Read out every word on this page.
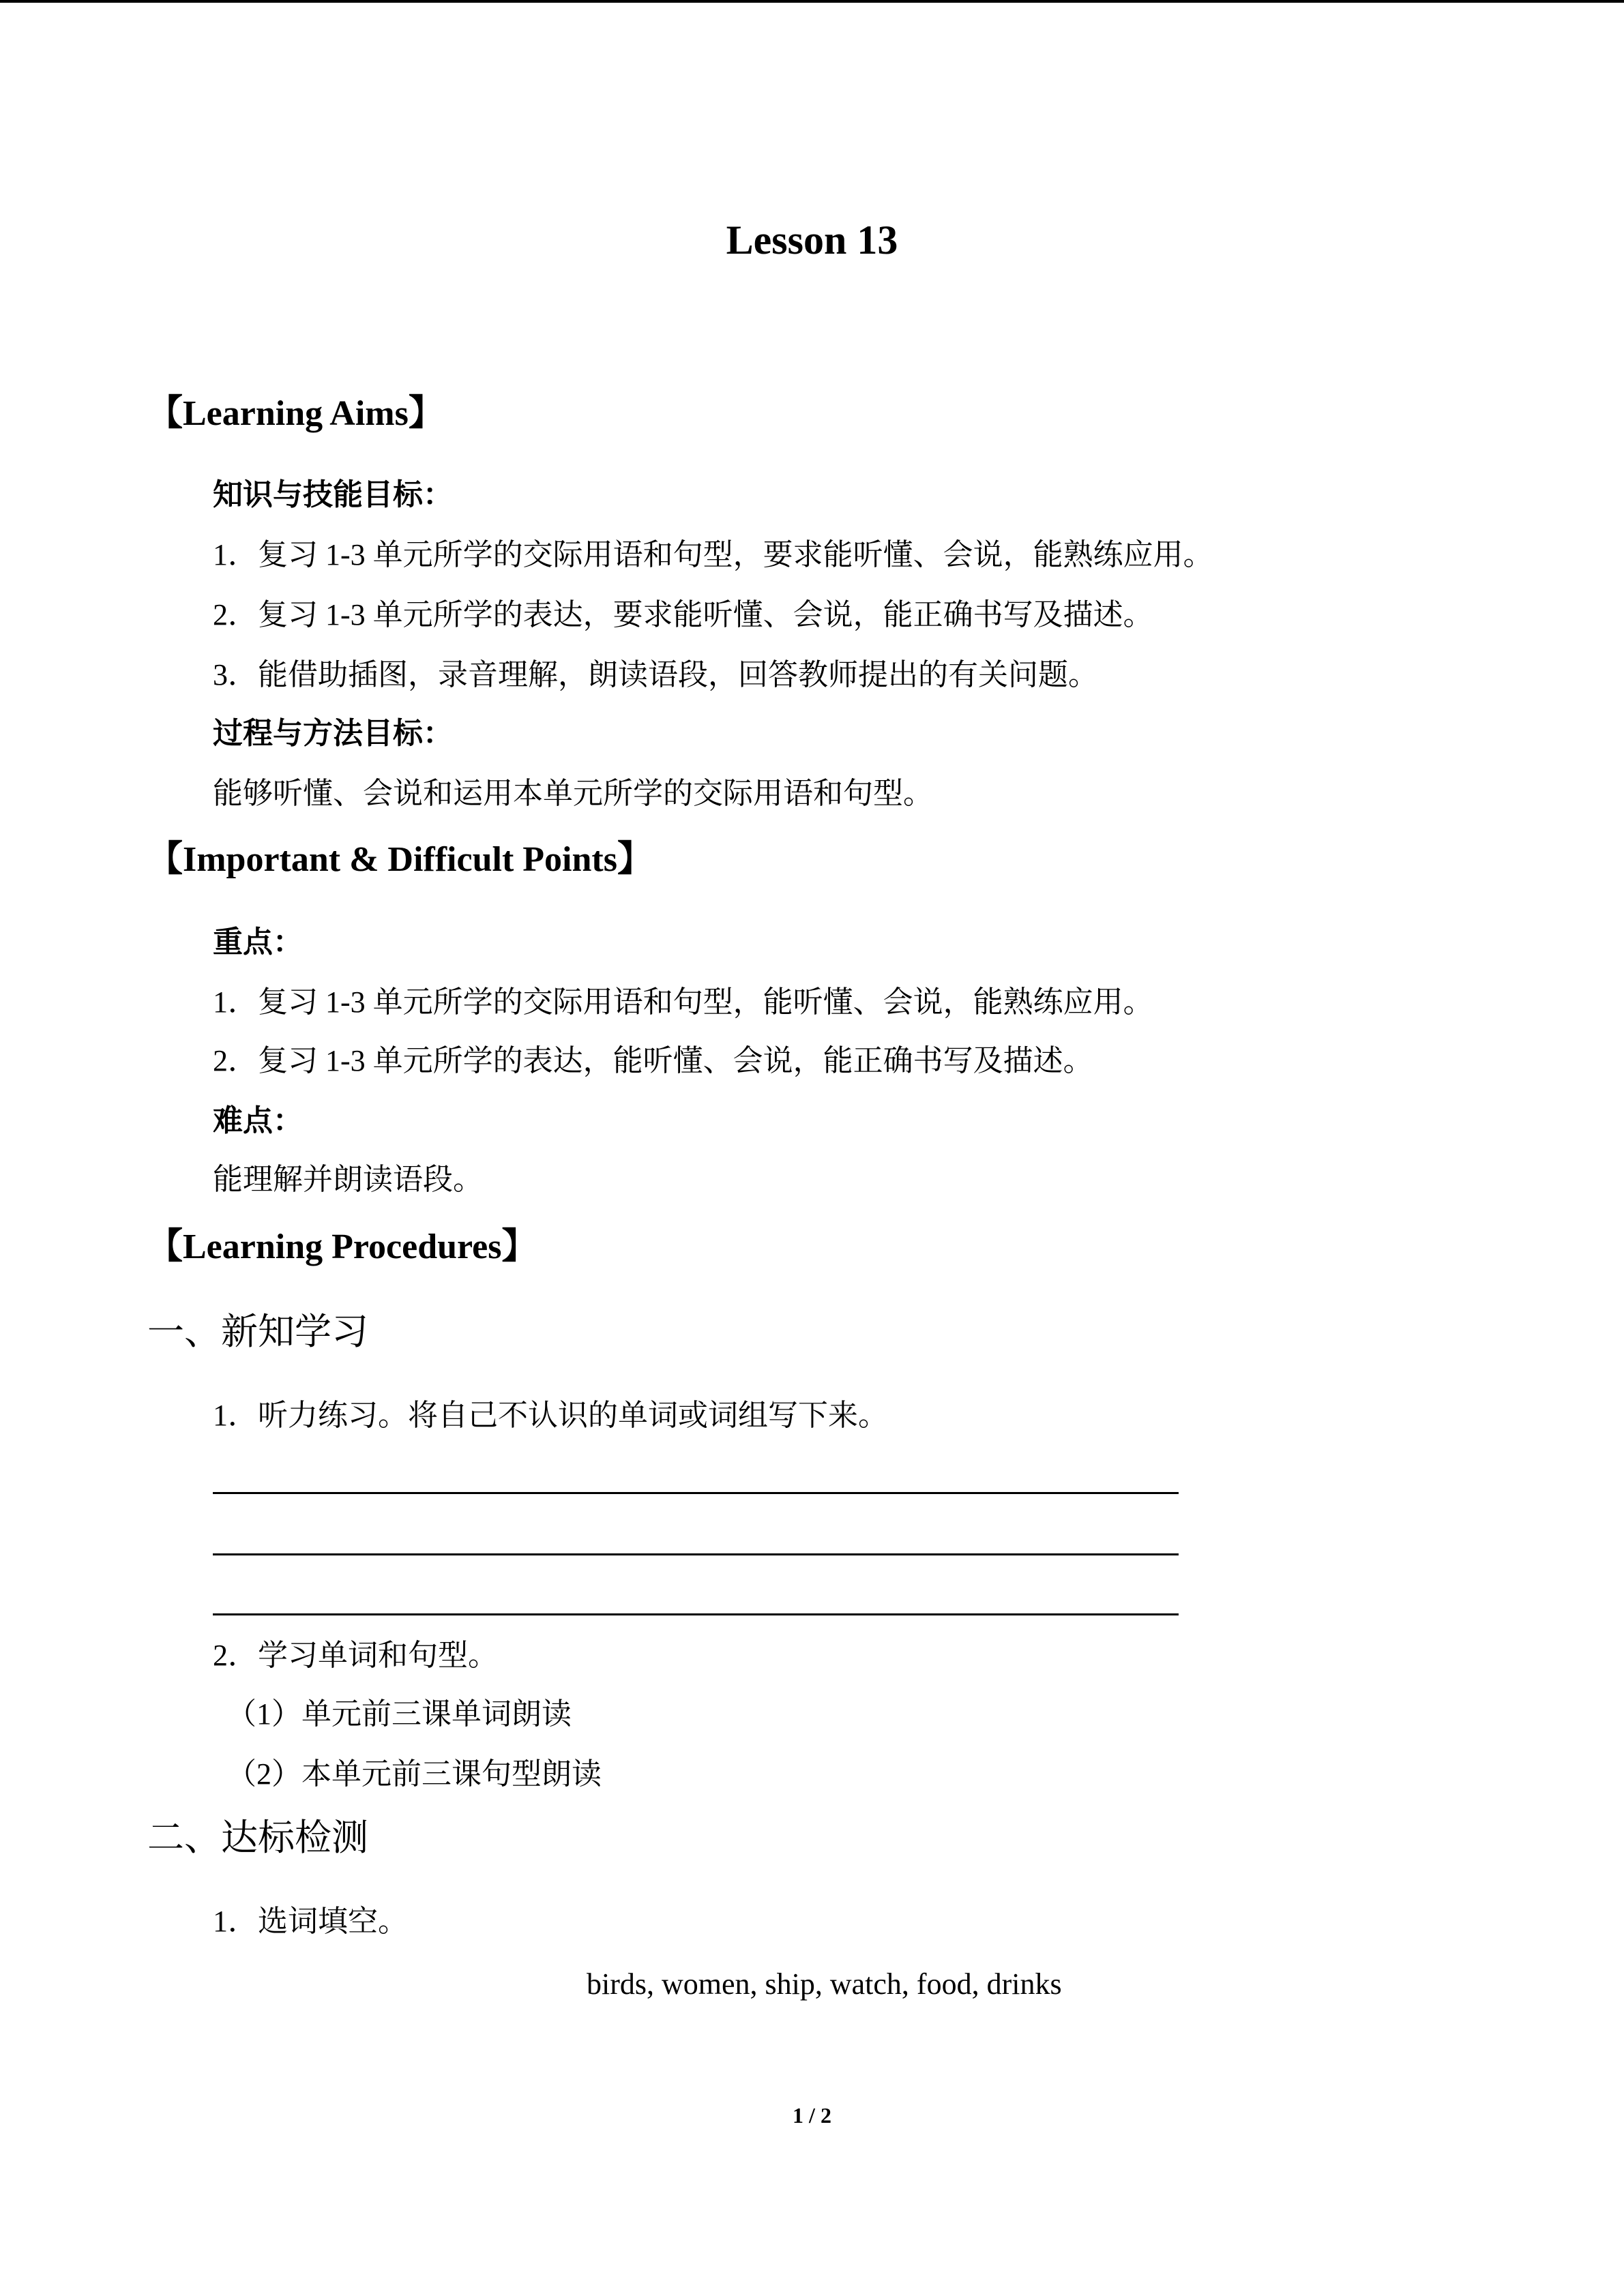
Lesson 13
【Learning Aims】
知识与技能目标：
1．复习 1-3 单元所学的交际用语和句型，要求能听懂、会说，能熟练应用。
2．复习 1-3 单元所学的表达，要求能听懂、会说，能正确书写及描述。
3．能借助插图，录音理解，朗读语段，回答教师提出的有关问题。
过程与方法目标：
能够听懂、会说和运用本单元所学的交际用语和句型。
【Important & Difficult Points】
重点：
1．复习 1-3 单元所学的交际用语和句型，能听懂、会说，能熟练应用。
2．复习 1-3 单元所学的表达，能听懂、会说，能正确书写及描述。
难点：
能理解并朗读语段。
【Learning Procedures】
一、新知学习
1．听力练习。将自己不认识的单词或词组写下来。
2．学习单词和句型。
（1）单元前三课单词朗读
（2）本单元前三课句型朗读
二、达标检测
1．选词填空。
birds, women, ship, watch, food, drinks
1 / 2
